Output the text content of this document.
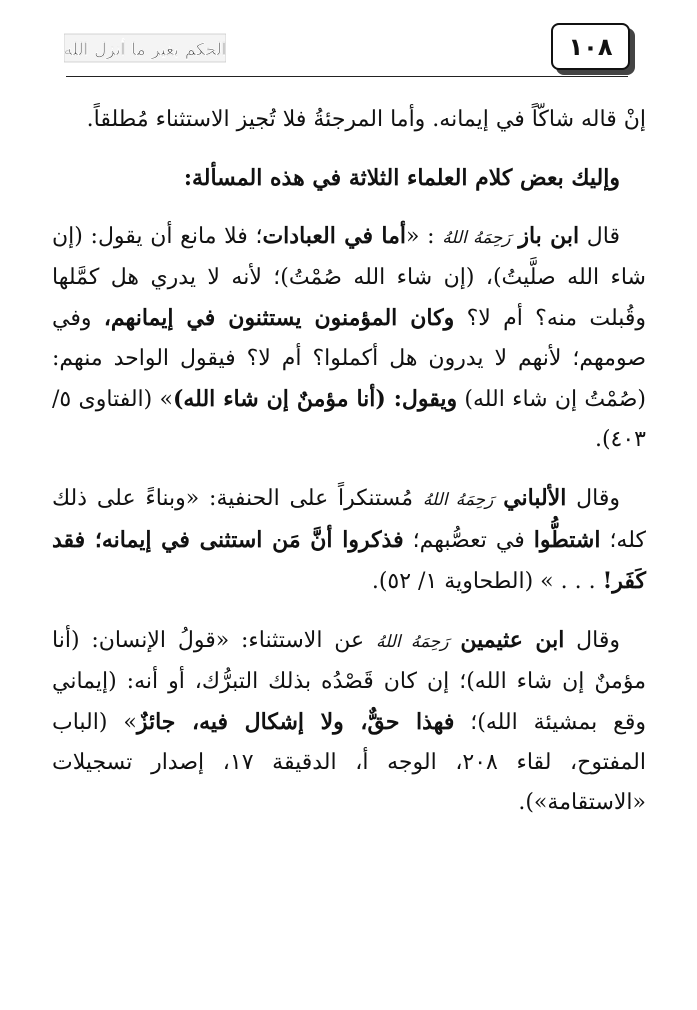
١٠٨
الحكم بغير ما أنزل الله

إنْ قاله شاكّاً في إيمانه. وأما المرجئةُ فلا تُجيز الاستثناء مُطلقاً.

وإليك بعض كلام العلماء الثلاثة في هذه المسألة:

قال ابن باز رَحِمَهُ اللهُ : «أما في العبادات؛ فلا مانع أن يقول: (إن شاء الله صلَّيتُ)، (إن شاء الله صُمْتُ)؛ لأنه لا يدري هل كمَّلها وقُبلت منه؟ أم لا؟ وكان المؤمنون يستثنون في إيمانهم، وفي صومهم؛ لأنهم لا يدرون هل أكملوا؟ أم لا؟ فيقول الواحد منهم: (صُمْتُ إن شاء الله) ويقول: (أنا مؤمنٌ إن شاء الله)» (الفتاوى ٥/ ٤٠٣).

وقال الألباني رَحِمَهُ اللهُ مُستنكراً على الحنفية: «وبناءً على ذلك كله؛ اشتطُّوا في تعصُّبهم؛ فذكروا أنَّ مَن استثنى في إيمانه؛ فقد كَفَر! . . . » (الطحاوية ١/ ٥٢).

وقال ابن عثيمين رَحِمَهُ اللهُ عن الاستثناء: «قولُ الإنسان: (أنا مؤمنٌ إن شاء الله)؛ إن كان قَصْدُه بذلك التبرُّك، أو أنه: (إيماني وقع بمشيئة الله)؛ فهذا حقٌّ، ولا إشكال فيه، جائزٌ» (الباب المفتوح، لقاء ٢٠٨، الوجه أ، الدقيقة ١٧، إصدار تسجيلات «الاستقامة»).
